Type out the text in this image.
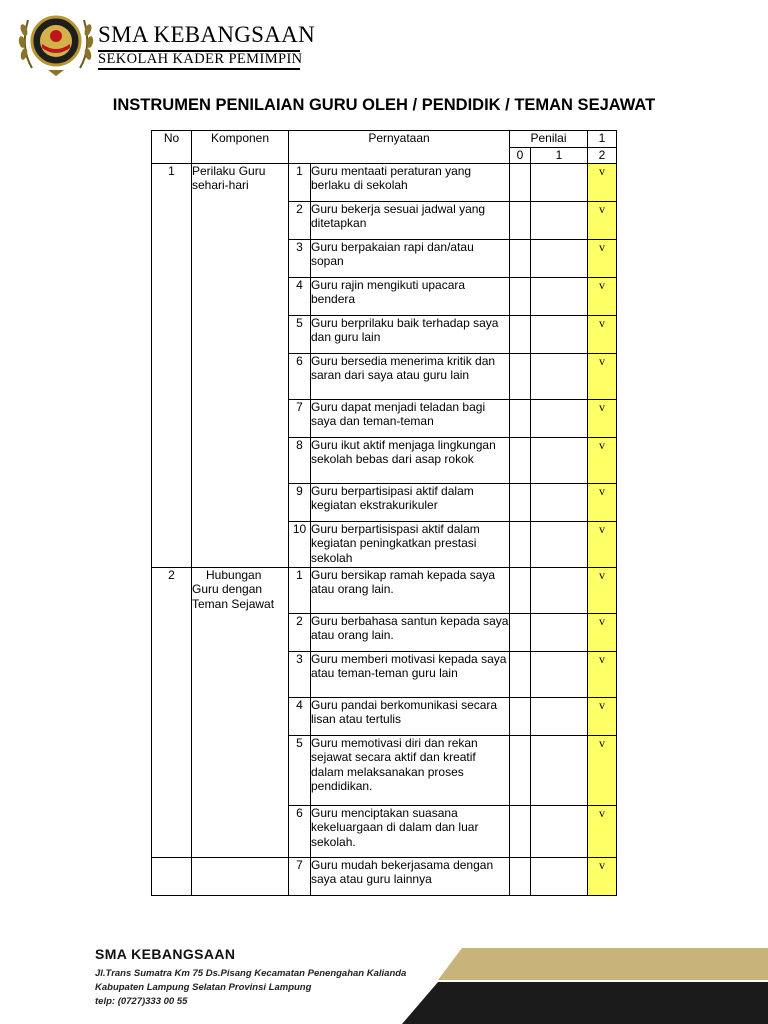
SMA KEBANGSAAN
SEKOLAH KADER PEMIMPIN
INSTRUMEN PENILAIAN GURU OLEH / PENDIDIK / TEMAN SEJAWAT
No	Komponen	Pernyataan		Penilai		1
				0	1	2
1	Perilaku Guru sehari-hari	1	Guru mentaati peraturan yang berlaku di sekolah			v
		2	Guru bekerja sesuai jadwal yang ditetapkan			v
		3	Guru berpakaian rapi dan/atau sopan			v
		4	Guru rajin mengikuti upacara bendera			v
		5	Guru berprilaku baik terhadap saya dan guru lain			v
		6	Guru bersedia menerima kritik dan saran dari saya atau guru lain			v
		7	Guru dapat menjadi teladan bagi saya dan teman-teman			v
		8	Guru ikut aktif menjaga lingkungan sekolah bebas dari asap rokok			v
		9	Guru berpartisipasi aktif dalam kegiatan ekstrakurikuler			v
		10	Guru berpartisispasi aktif dalam kegiatan peningkatkan prestasi sekolah			v
2	Hubungan Guru dengan Teman Sejawat	1	Guru bersikap ramah kepada saya atau orang lain.			v
		2	Guru berbahasa santun kepada saya atau orang lain.			v
		3	Guru memberi motivasi kepada saya atau teman-teman guru lain			v
		4	Guru pandai berkomunikasi secara lisan atau tertulis			v
		5	Guru memotivasi diri dan rekan sejawat secara aktif dan kreatif dalam melaksanakan proses pendidikan.			v
		6	Guru menciptakan suasana kekeluargaan di dalam dan luar sekolah.			v
		7	Guru mudah bekerjasama dengan saya atau guru lainnya			v
SMA KEBANGSAAN
Jl.Trans Sumatra Km 75 Ds.Pisang Kecamatan Penengahan Kalianda
Kabupaten Lampung Selatan Provinsi Lampung
telp: (0727)333 00 55
